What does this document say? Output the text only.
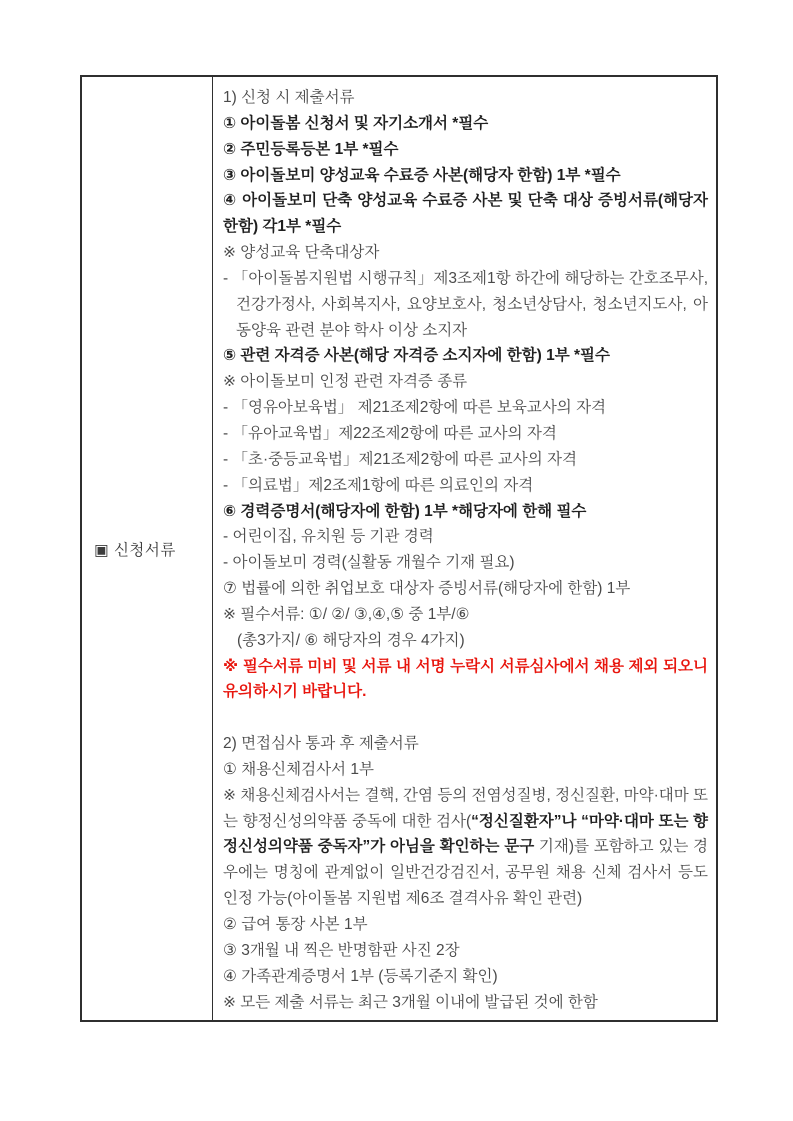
▣ 신청서류

1) 신청 시 제출서류

① 아이돌봄 신청서 및 자기소개서 *필수

② 주민등록등본 1부 *필수

③ 아이돌보미 양성교육 수료증 사본(해당자 한함) 1부 *필수

④ 아이돌보미 단축 양성교육 수료증 사본 및 단축 대상 증빙서류(해당자 한함) 각1부 *필수

※ 양성교육 단축대상자

- 「아이돌봄지원법 시행규칙」제3조제1항 하간에 해당하는 간호조무사, 건강가정사, 사회복지사, 요양보호사, 청소년상담사, 청소년지도사, 아동양육 관련 분야 학사 이상 소지자

⑤ 관련 자격증 사본(해당 자격증 소지자에 한함) 1부 *필수

※ 아이돌보미 인정 관련 자격증 종류

- 「영유아보육법」 제21조제2항에 따른 보육교사의 자격

- 「유아교육법」제22조제2항에 따른 교사의 자격

- 「초·중등교육법」제21조제2항에 따른 교사의 자격

- 「의료법」제2조제1항에 따른 의료인의 자격

⑥ 경력증명서(해당자에 한함) 1부 *해당자에 한해 필수

- 어린이집, 유치원 등 기관 경력

- 아이돌보미 경력(실활동 개월수 기재 필요)

⑦ 법률에 의한 취업보호 대상자 증빙서류(해당자에 한함) 1부

※ 필수서류: ①/ ②/ ③,④,⑤ 중 1부/⑥

(총3가지/ ⑥ 해당자의 경우 4가지)

※ 필수서류 미비 및 서류 내 서명 누락시 서류심사에서 채용 제외 되오니 유의하시기 바랍니다.

2) 면접심사 통과 후 제출서류

① 채용신체검사서 1부

※ 채용신체검사서는 결핵, 간염 등의 전염성질병, 정신질환, 마약·대마 또는 향정신성의약품 중독에 대한 검사(“정신질환자”나 “마약·대마 또는 향정신성의약품 중독자”가 아님을 확인하는 문구 기재)를 포함하고 있는 경우에는 명칭에 관계없이 일반건강검진서, 공무원 채용 신체 검사서 등도 인정 가능(아이돌봄 지원법 제6조 결격사유 확인 관련)

② 급여 통장 사본 1부

③ 3개월 내 찍은 반명함판 사진 2장

④ 가족관계증명서 1부 (등록기준지 확인)

※ 모든 제출 서류는 최근 3개월 이내에 발급된 것에 한함
